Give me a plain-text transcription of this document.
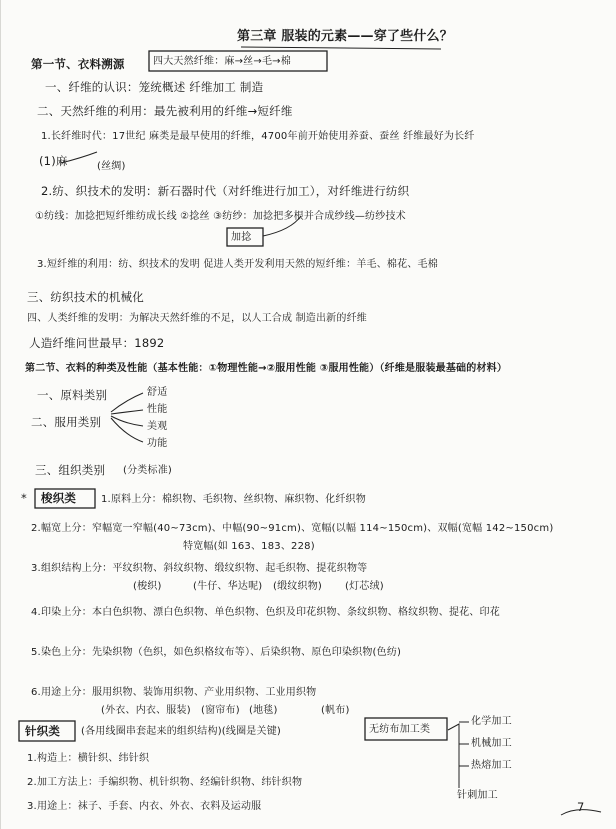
第三章 服装的元素——穿了些什么？
第一节、衣料溯源	四大天然纤维：麻→丝→毛→棉
一、纤维的认识：笼统概述 纤维加工 制造
二、天然纤维的利用：最先被利用的纤维→短纤维
1.长纤维时代：17世纪 麻类是最早使用的纤维，4700年前开始使用养蚕、蚕丝 纤维最好为长纤
(1)麻	(丝绸)
2.纺、织技术的发明：新石器时代（对纤维进行加工），对纤维进行纺织
①纺线：加捻把短纤维纺成长线 ②捻丝 ③纺纱：加捻把多根并合成纱线—纺纱技术
加捻
3.短纤维的利用：纺、织技术的发明 促进人类开发利用天然的短纤维：羊毛、棉花、毛棉
三、纺织技术的机械化
四、人类纤维的发明：为解决天然纤维的不足，以人工合成 制造出新的纤维
人造纤维问世最早：1892
第二节、衣料的种类及性能（基本性能：①物理性能→②服用性能 ③服用性能）（纤维是服装最基础的材料）
一、原料类别
二、服用类别
舒适
性能
美观
功能
三、组织类别 (分类标准)
* 梭织类 1.原料上分：棉织物、毛织物、丝织物、麻织物、化纤织物
2.幅宽上分：窄幅宽一窄幅(40~73cm)、中幅(90~91cm)、宽幅(以幅 114~150cm)、双幅(宽幅 142~150cm)
特宽幅(如 163、183、228)
3.组织结构上分：平纹织物、斜纹织物、缎纹织物、起毛织物、提花织物等
(梭织)	(牛仔、华达呢) (缎纹织物) (灯芯绒)
4.印染上分：本白色织物、漂白色织物、单色织物、色织及印花织物、条纹织物、格纹织物、提花、印花
5.染色上分：先染织物（色织，如色织格纹布等）、后染织物、原色印染织物(色纺)
6.用途上分：服用织物、装饰用织物、产业用织物、工业用织物
(外衣、内衣、服装) (窗帘布) (地毯)	(帆布)
针织类 (各用线圈串套起来的组织结构)(线圈是关键)
1.构造上：横针织、纬针织
2.加工方法上：手编织物、机针织物、经编针织物、纬针织物
3.用途上：袜子、手套、内衣、外衣、衣料及运动服
无纺布加工类
化学加工
机械加工
热熔加工
针刺加工
7
